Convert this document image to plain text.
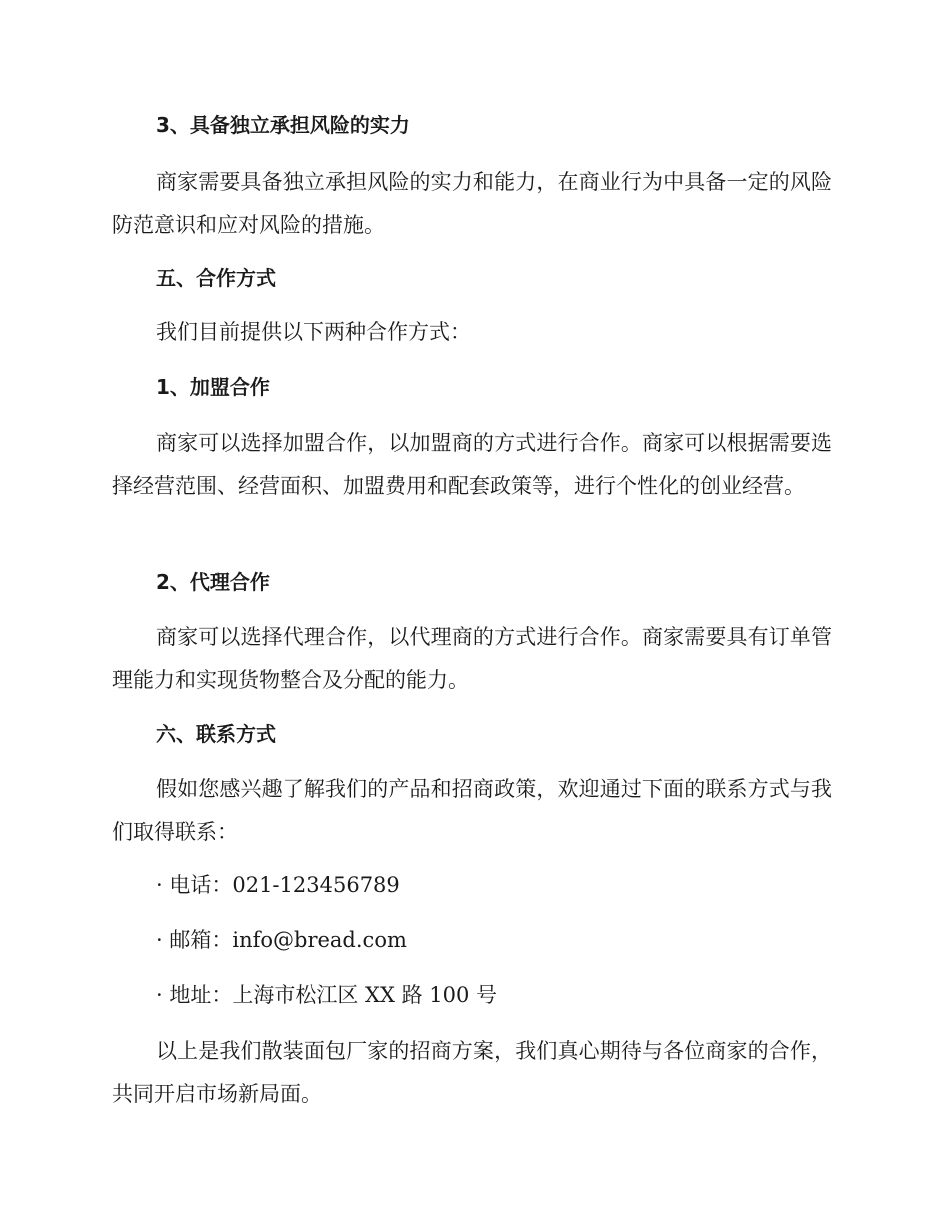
3、具备独立承担风险的实力

商家需要具备独立承担风险的实力和能力，在商业行为中具备一定的风险防范意识和应对风险的措施。

五、合作方式

我们目前提供以下两种合作方式：

1、加盟合作

商家可以选择加盟合作，以加盟商的方式进行合作。商家可以根据需要选择经营范围、经营面积、加盟费用和配套政策等，进行个性化的创业经营。

2、代理合作

商家可以选择代理合作，以代理商的方式进行合作。商家需要具有订单管理能力和实现货物整合及分配的能力。

六、联系方式

假如您感兴趣了解我们的产品和招商政策，欢迎通过下面的联系方式与我们取得联系：

· 电话：021-123456789

· 邮箱：info@bread.com

· 地址：上海市松江区 XX 路 100 号

以上是我们散装面包厂家的招商方案，我们真心期待与各位商家的合作，共同开启市场新局面。
